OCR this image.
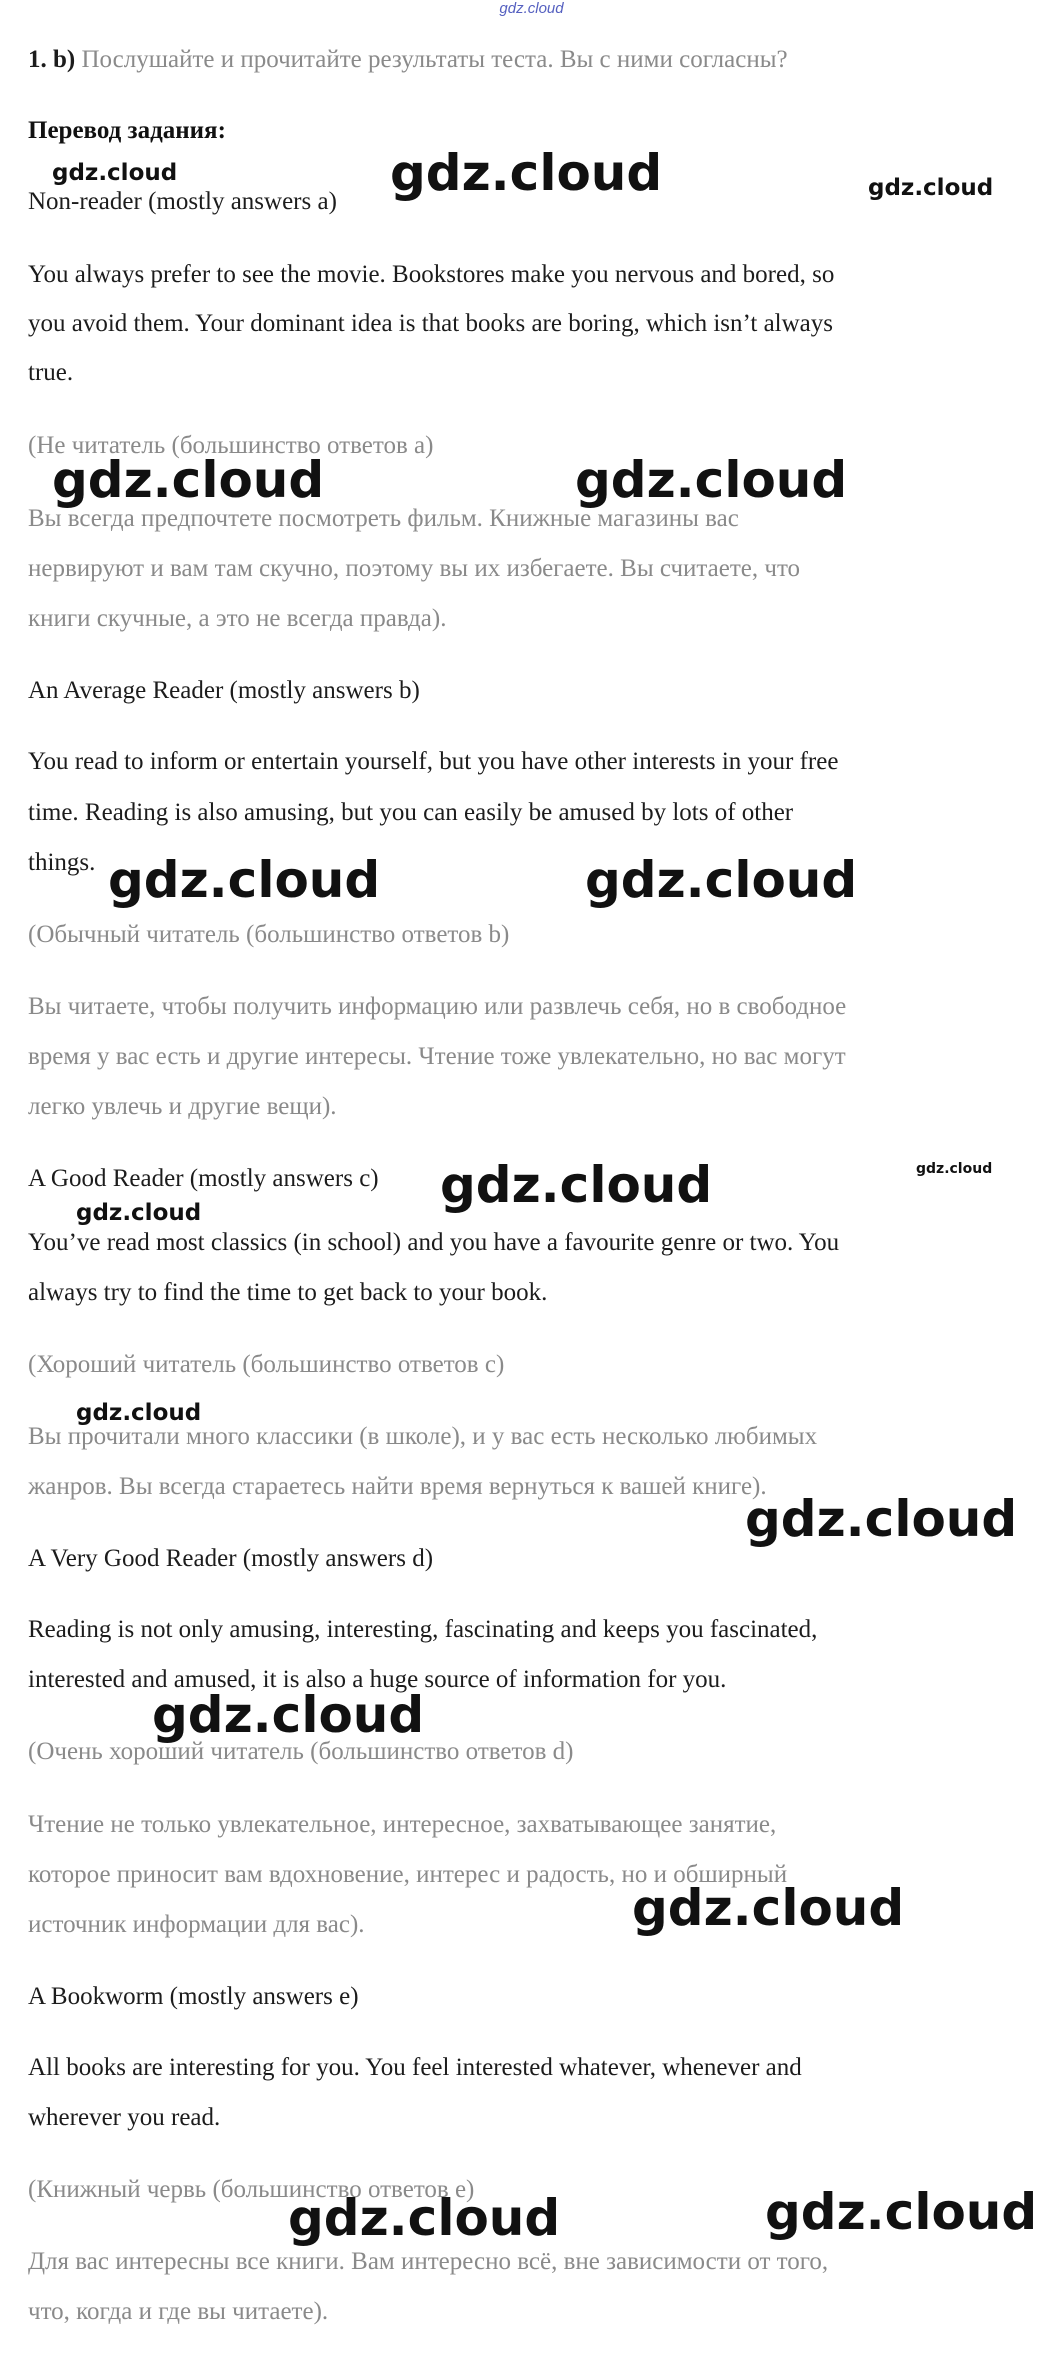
gdz.cloud
1. b) Послушайте и прочитайте результаты теста. Вы с ними согласны?
Перевод задания:
Non-reader (mostly answers a)
You always prefer to see the movie. Bookstores make you nervous and bored, so
you avoid them. Your dominant idea is that books are boring, which isn’t always
true.
(Не читатель (большинство ответов а)
Вы всегда предпочтете посмотреть фильм. Книжные магазины вас
нервируют и вам там скучно, поэтому вы их избегаете. Вы считаете, что
книги скучные, а это не всегда правда).
An Average Reader (mostly answers b)
You read to inform or entertain yourself, but you have other interests in your free
time. Reading is also amusing, but you can easily be amused by lots of other
things.
(Обычный читатель (большинство ответов b)
Вы читаете, чтобы получить информацию или развлечь себя, но в свободное
время у вас есть и другие интересы. Чтение тоже увлекательно, но вас могут
легко увлечь и другие вещи).
A Good Reader (mostly answers c)
You’ve read most classics (in school) and you have a favourite genre or two. You
always try to find the time to get back to your book.
(Хороший читатель (большинство ответов с)
Вы прочитали много классики (в школе), и у вас есть несколько любимых
жанров. Вы всегда стараетесь найти время вернуться к вашей книге).
A Very Good Reader (mostly answers d)
Reading is not only amusing, interesting, fascinating and keeps you fascinated,
interested and amused, it is also a huge source of information for you.
(Очень хороший читатель (большинство ответов d)
Чтение не только увлекательное, интересное, захватывающее занятие,
которое приносит вам вдохновение, интерес и радость, но и обширный
источник информации для вас).
A Bookworm (mostly answers e)
All books are interesting for you. You feel interested whatever, whenever and
wherever you read.
(Книжный червь (большинство ответов е)
Для вас интересны все книги. Вам интересно всё, вне зависимости от того,
что, когда и где вы читаете).
gdz.cloud	gdz.cloud	gdz.cloud
gdz.cloud	gdz.cloud
gdz.cloud	gdz.cloud
gdz.cloud	gdz.cloud
gdz.cloud
gdz.cloud
gdz.cloud
gdz.cloud
gdz.cloud
gdz.cloud	gdz.cloud
